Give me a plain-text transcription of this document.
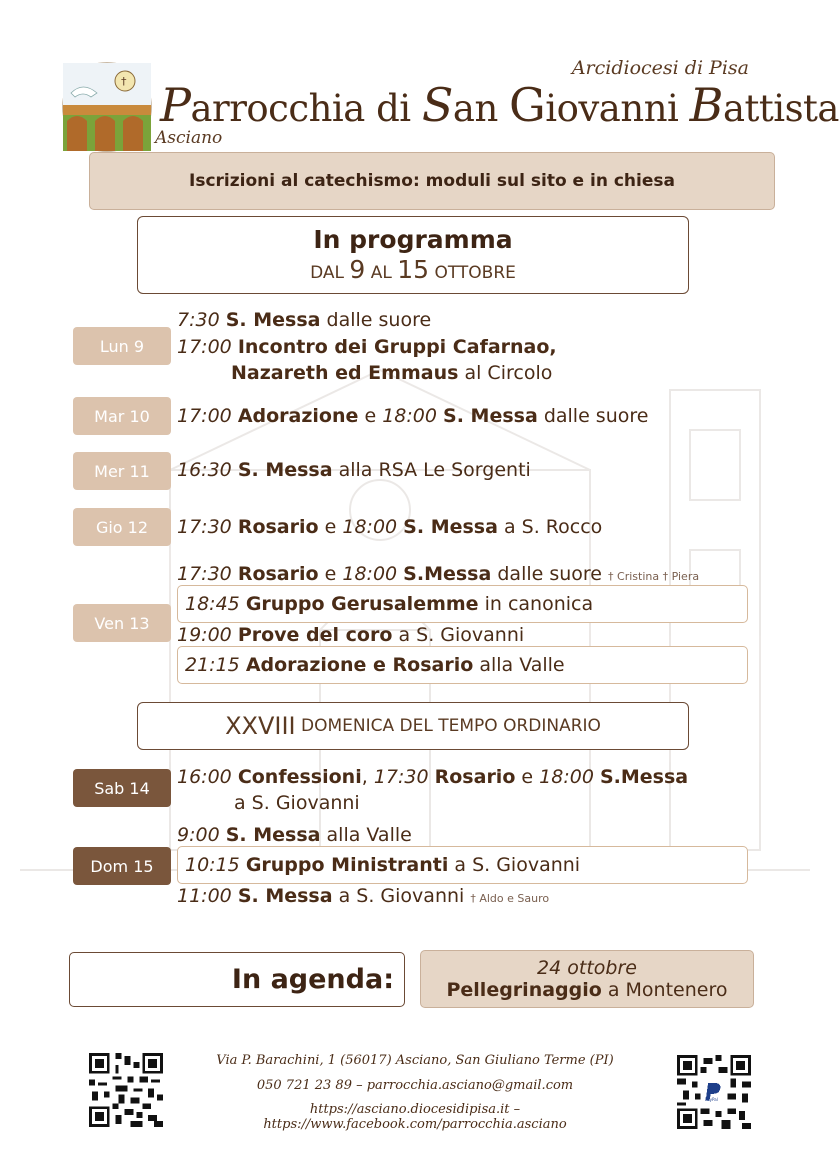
†
Arcidiocesi di Pisa
Parrocchia di San Giovanni Battista
Asciano
Iscrizioni al catechismo: moduli sul sito e in chiesa
In programma
DAL 9 AL 15 OTTOBRE
Lun 9
Mar 10
Mer 11
Gio 12
Ven 13
Sab 14
Dom 15
7:30 S. Messa dalle suore
17:00 Incontro dei Gruppi Cafarnao,
Nazareth ed Emmaus al Circolo
17:00 Adorazione e 18:00 S. Messa dalle suore
16:30 S. Messa alla RSA Le Sorgenti
17:30 Rosario e 18:00 S. Messa a S. Rocco
17:30 Rosario e 18:00 S.Messa dalle suore † Cristina † Piera
18:45
Gruppo Gerusalemme
in canonica
19:00 Prove del coro a S. Giovanni
21:15
Adorazione e Rosario
alla Valle
XXVIII
DOMENICA DEL TEMPO ORDINARIO
16:00 Confessioni, 17:30 Rosario e 18:00 S.Messa
a S. Giovanni
9:00 S. Messa alla Valle
10:15
Gruppo Ministranti
a S. Giovanni
11:00 S. Messa a S. Giovanni † Aldo e Sauro
In agenda:	24 ottobre
Pellegrinaggio a Montenero
PayPal
Via P. Barachini, 1 (56017) Asciano, San Giuliano Terme (PI)
050 721 23 89 – parrocchia.asciano@gmail.com
https://asciano.diocesidipisa.it – https://www.facebook.com/parrocchia.asciano
